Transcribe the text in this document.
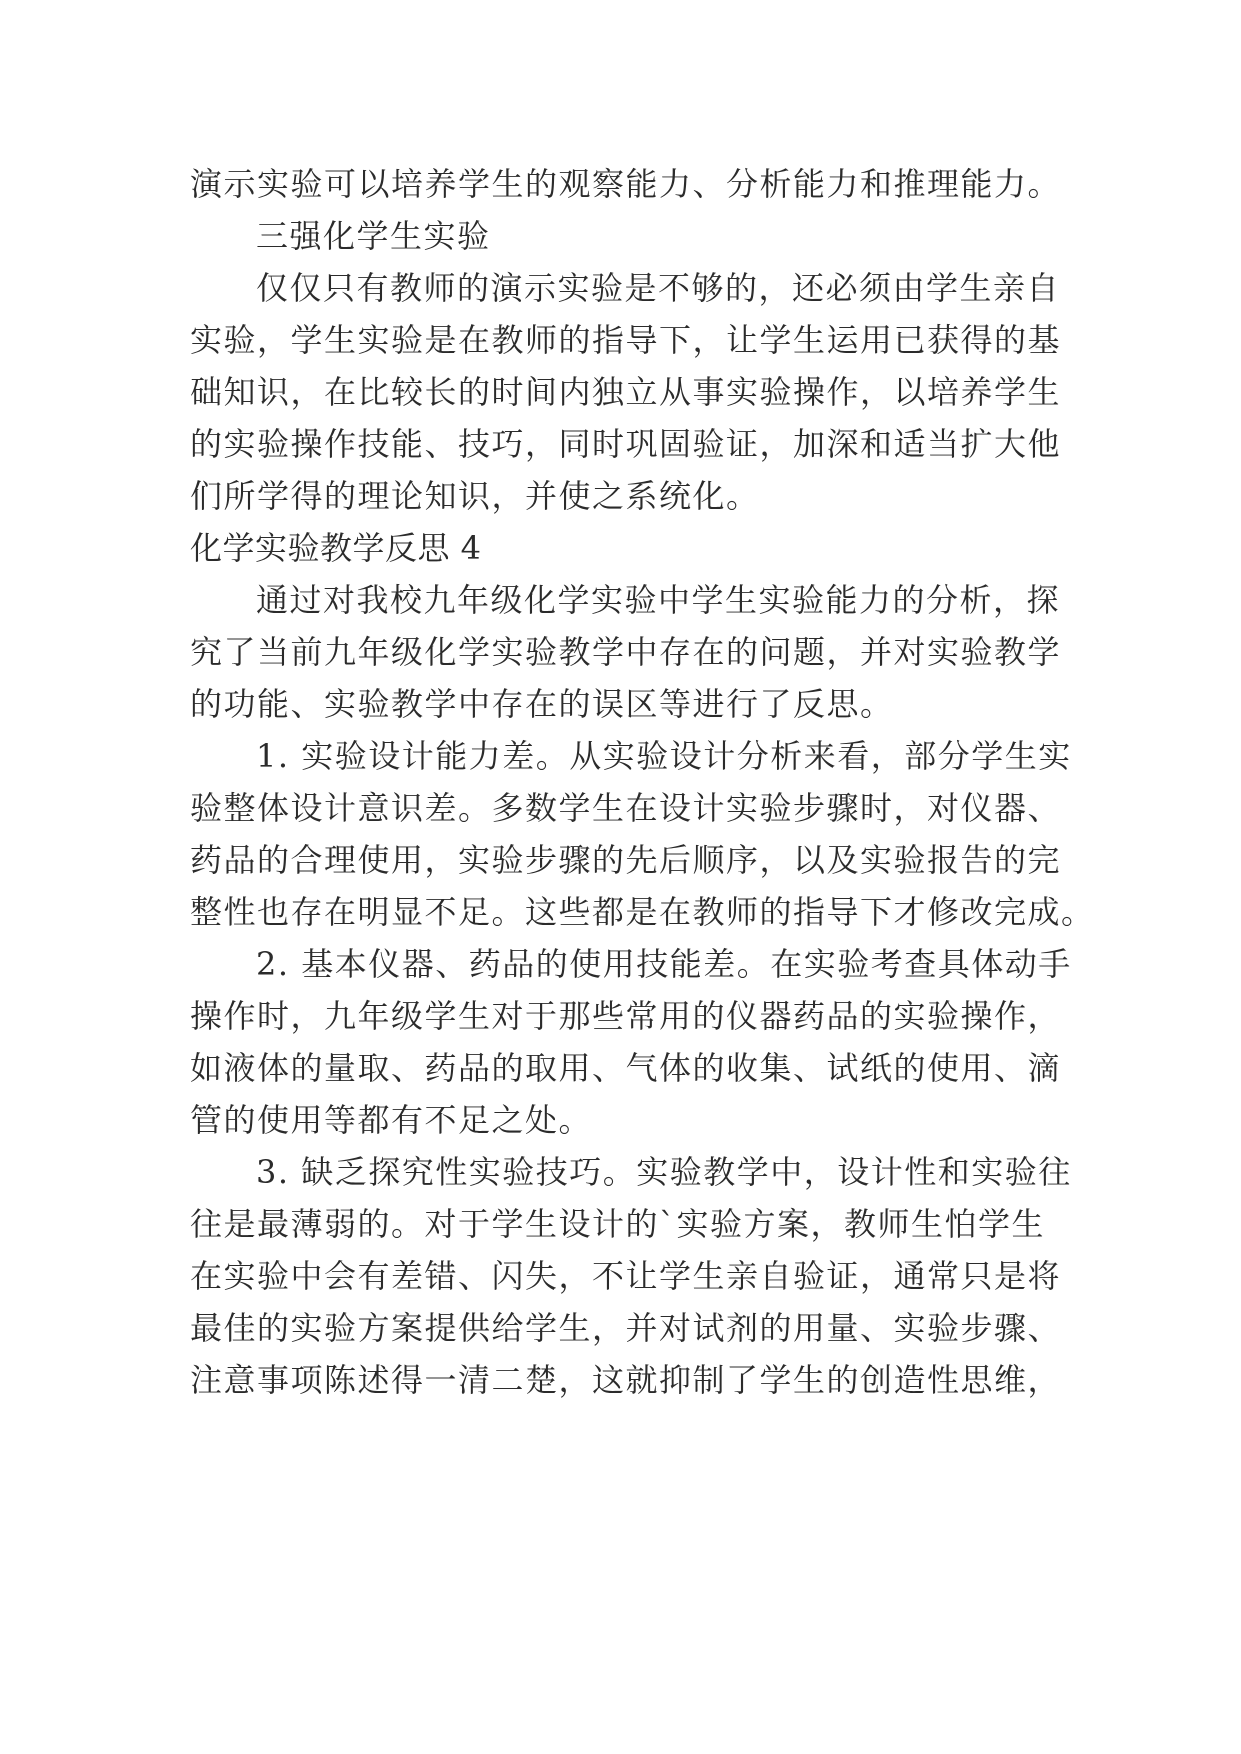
演示实验可以培养学生的观察能力、分析能力和推理能力。
三强化学生实验
仅仅只有教师的演示实验是不够的，还必须由学生亲自
实验，学生实验是在教师的指导下，让学生运用已获得的基
础知识，在比较长的时间内独立从事实验操作，以培养学生
的实验操作技能、技巧，同时巩固验证，加深和适当扩大他
们所学得的理论知识，并使之系统化。
化学实验教学反思 4
通过对我校九年级化学实验中学生实验能力的分析，探
究了当前九年级化学实验教学中存在的问题，并对实验教学
的功能、实验教学中存在的误区等进行了反思。
1. 实验设计能力差。从实验设计分析来看，部分学生实
验整体设计意识差。多数学生在设计实验步骤时，对仪器、
药品的合理使用，实验步骤的先后顺序，以及实验报告的完
整性也存在明显不足。这些都是在教师的指导下才修改完成。
2. 基本仪器、药品的使用技能差。在实验考查具体动手
操作时，九年级学生对于那些常用的仪器药品的实验操作，
如液体的量取、药品的取用、气体的收集、试纸的使用、滴
管的使用等都有不足之处。
3. 缺乏探究性实验技巧。实验教学中，设计性和实验往
往是最薄弱的。对于学生设计的`实验方案，教师生怕学生
在实验中会有差错、闪失，不让学生亲自验证，通常只是将
最佳的实验方案提供给学生，并对试剂的用量、实验步骤、
注意事项陈述得一清二楚，这就抑制了学生的创造性思维，
